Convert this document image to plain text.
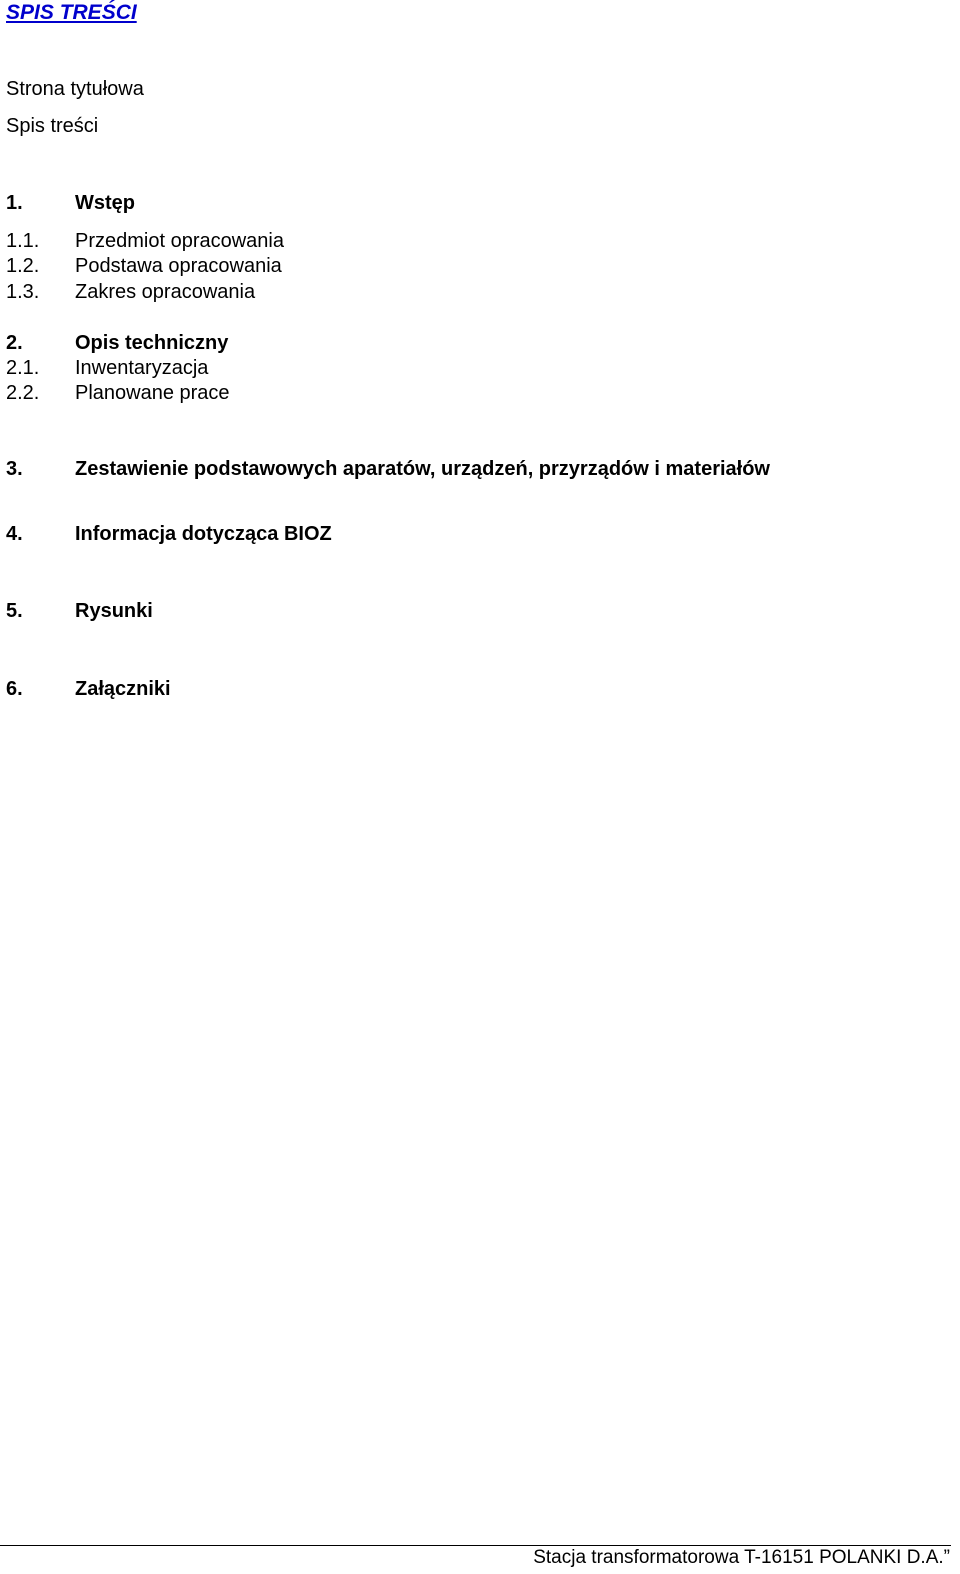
SPIS TREŚCI
Strona tytułowa
Spis treści
1.	Wstęp
1.1. Przedmiot opracowania
1.2. Podstawa opracowania
1.3. Zakres opracowania
2.	Opis techniczny
2.1. Inwentaryzacja
2.2. Planowane prace
3.	Zestawienie podstawowych aparatów, urządzeń, przyrządów i materiałów
4.	Informacja dotycząca BIOZ
5.	Rysunki
6.	Załączniki
Stacja transformatorowa T-16151 POLANKI D.A.”
